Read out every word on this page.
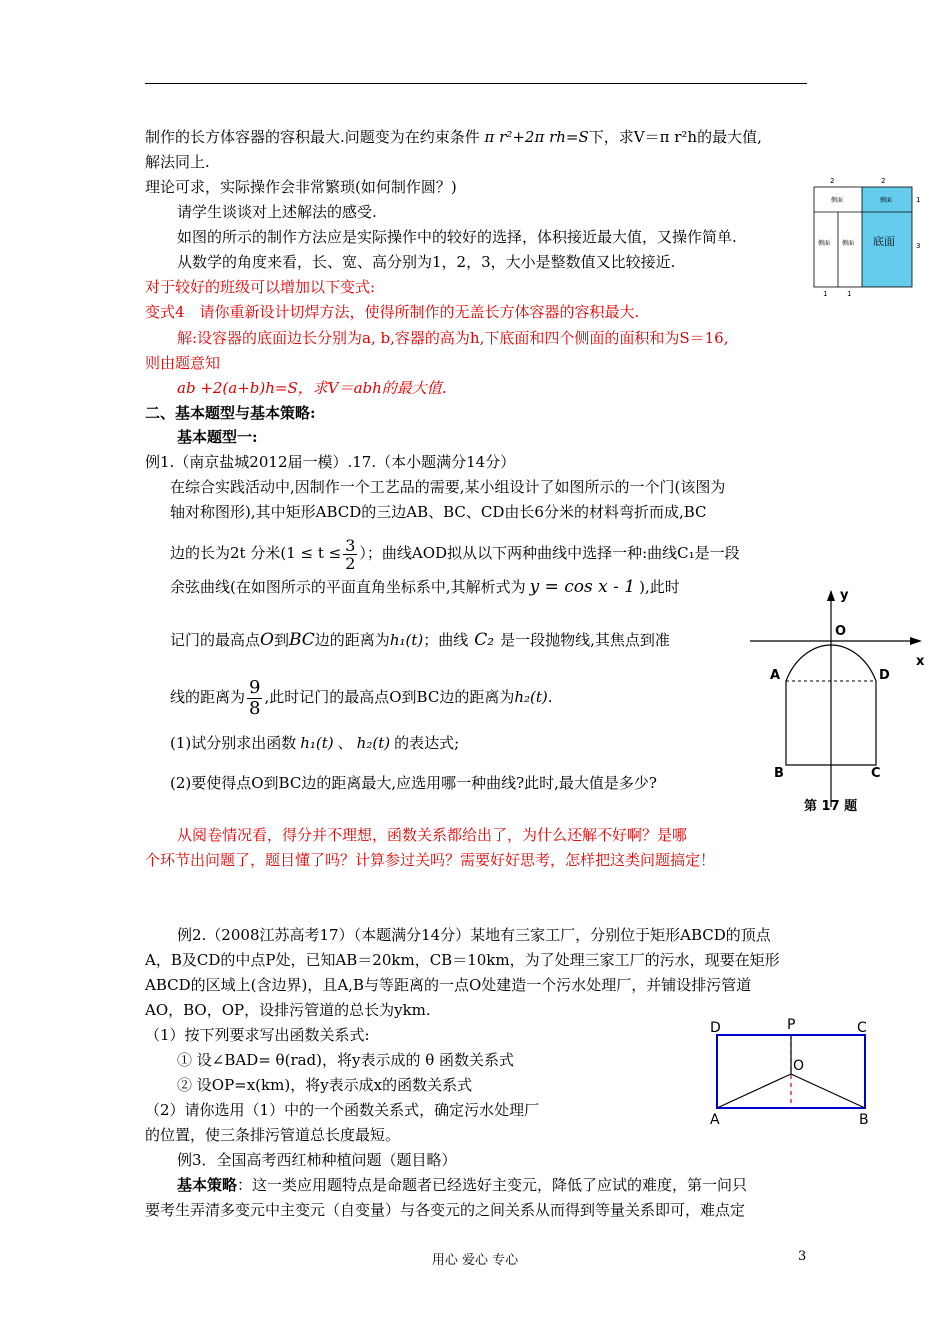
制作的长方体容器的容积最大.问题变为在约束条件 π r²+2π rh=S下，求V＝π r²h的最大值,
解法同上.
理论可求，实际操作会非常繁琐(如何制作圆？)
请学生谈谈对上述解法的感受.
如图的所示的制作方法应是实际操作中的较好的选择，体积接近最大值，又操作简单.
从数学的角度来看，长、宽、高分别为1，2，3，大小是整数值又比较接近.
对于较好的班级可以增加以下变式:
变式4　请你重新设计切焊方法，使得所制作的无盖长方体容器的容积最大.
解:设容器的底面边长分别为a, b,容器的高为h,下底面和四个侧面的面积和为S＝16,
则由题意知
ab +2(a+b)h=S，求V＝abh的最大值.
二、基本题型与基本策略:
基本题型一:
例1.（南京盐城2012届一模）.17.（本小题满分14分）
在综合实践活动中,因制作一个工艺品的需要,某小组设计了如图所示的一个门(该图为
轴对称图形),其中矩形ABCD的三边AB、BC、CD由长6分米的材料弯折而成,BC
边的长为2t 分米($1 \le t \le \frac{3}{2}$ ）；曲线AOD拟从以下两种曲线中选择一种:曲线C₁是一段
余弦曲线(在如图所示的平面直角坐标系中,其解析式为 y = cos x - 1 ),此时
记门的最高点O到BC边的距离为h₁(t)；曲线 C₂ 是一段抛物线,其焦点到准
线的距离为 $\frac{9}{8}$ ,此时记门的最高点O到BC边的距离为h₂(t).
(1)试分别求出函数 h₁(t) 、 h₂(t) 的表达式;
(2)要使得点O到BC边的距离最大,应选用哪一种曲线?此时,最大值是多少?
从阅卷情况看，得分并不理想，函数关系都给出了，为什么还解不好啊？是哪
个环节出问题了，题目懂了吗？计算参过关吗？需要好好思考，怎样把这类问题搞定！
例2.（2008江苏高考17）（本题满分14分）某地有三家工厂，分别位于矩形ABCD的顶点
A，B及CD的中点P处，已知AB＝20km，CB＝10km，为了处理三家工厂的污水，现要在矩形
ABCD的区域上(含边界)，且A,B与等距离的一点O处建造一个污水处理厂，并铺设排污管道
AO，BO，OP，设排污管道的总长为ykm.
（1）按下列要求写出函数关系式:
① 设∠BAD= θ(rad)，将y表示成的 θ 函数关系式
② 设OP=x(km)，将y表示成x的函数关系式
（2）请你选用（1）中的一个函数关系式，确定污水处理厂
的位置，使三条排污管道总长度最短。
例3．全国高考西红柿种植问题（题目略）
基本策略：这一类应用题特点是命题者已经选好主变元，降低了应试的难度，第一问只
要考生弄清多变元中主变元（自变量）与各变元的之间关系从而得到等量关系即可，难点定
2	2
侧面	侧面
侧面 侧面 底面
1
3
1	1
y
x
O
A	D
B	C
第 17 题
D	P	C
O
A	B
用心 爱心 专心	3
